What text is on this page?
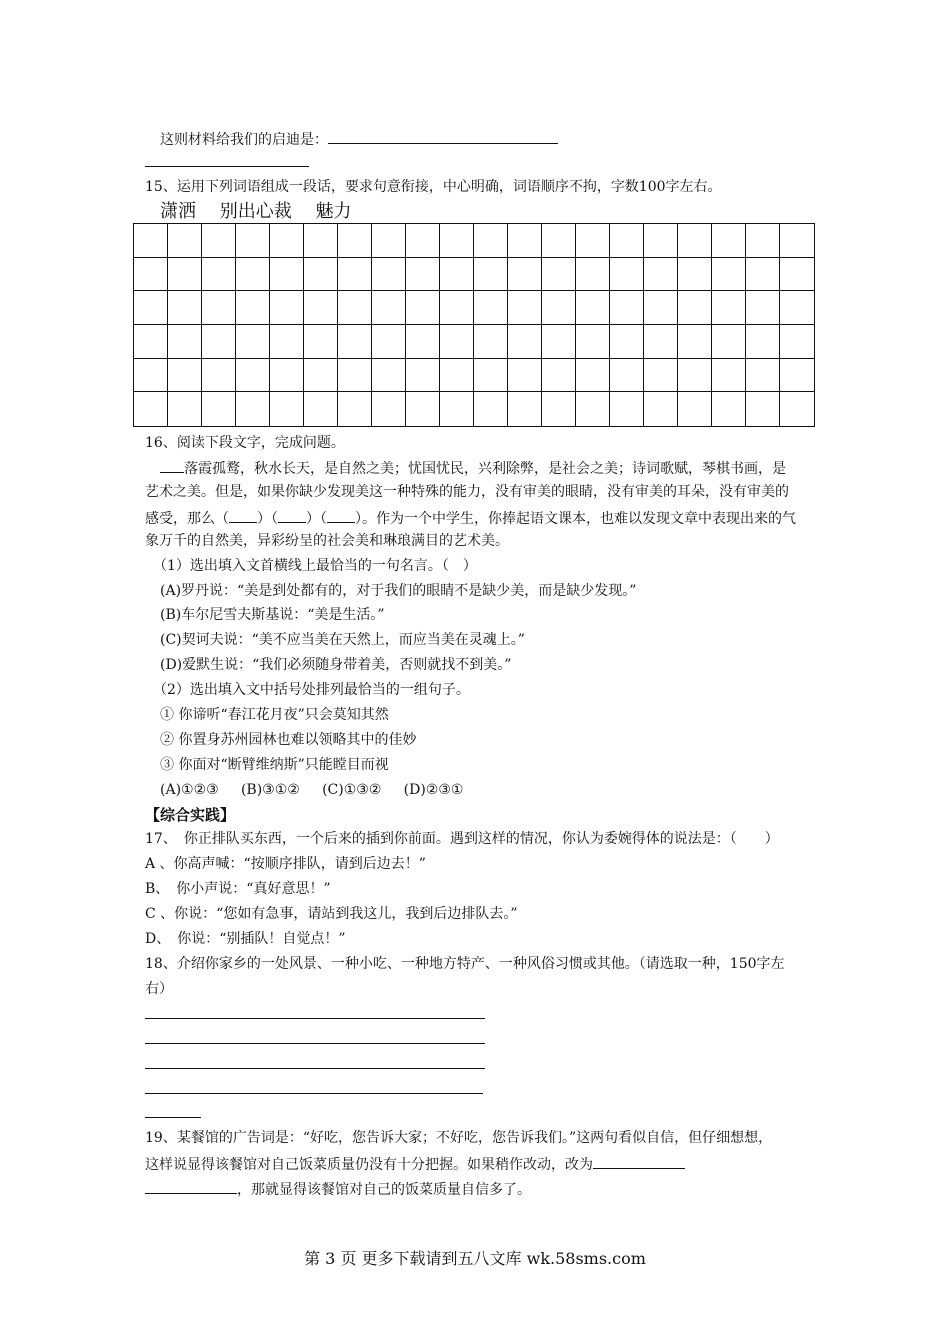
这则材料给我们的启迪是：
15、运用下列词语组成一段话，要求句意衔接，中心明确，词语顺序不拘，字数100字左右。
潇洒 别出心裁 魅力
16、阅读下段文字，完成问题。
落霞孤鹜，秋水长天，是自然之美；忧国忧民，兴利除弊，是社会之美；诗词歌赋，琴棋书画，是
艺术之美。但是，如果你缺少发现美这一种特殊的能力，没有审美的眼睛，没有审美的耳朵，没有审美的
感受，那么（ ）（ ）（ ）。作为一个中学生，你捧起语文课本，也难以发现文章中表现出来的气
象万千的自然美，异彩纷呈的社会美和琳琅满目的艺术美。
（1）选出填入文首横线上最恰当的一句名言。（　）
(A)罗丹说：“美是到处都有的，对于我们的眼睛不是缺少美，而是缺少发现。”
(B)车尔尼雪夫斯基说：“美是生活。”
(C)契诃夫说：“美不应当美在天然上，而应当美在灵魂上。”
(D)爱默生说：“我们必须随身带着美，否则就找不到美。”
（2）选出填入文中括号处排列最恰当的一组句子。
① 你谛听“春江花月夜”只会莫知其然
② 你置身苏州园林也难以领略其中的佳妙
③ 你面对“断臂维纳斯”只能瞠目而视
(A)①②③ (B)③①② (C)①③② (D)②③①
【综合实践】
17、　你正排队买东西，一个后来的插到你前面。遇到这样的情况，你认为委婉得体的说法是：（　　）
A 、你高声喊：“按顺序排队，请到后边去！”
B、　你小声说：“真好意思！”
C 、你说：“您如有急事，请站到我这儿，我到后边排队去。”
D、　你说：“别插队！自觉点！”
18、介绍你家乡的一处风景、一种小吃、一种地方特产、一种风俗习惯或其他。（请选取一种，150字左
右）
19、某餐馆的广告词是：“好吃，您告诉大家；不好吃，您告诉我们。”这两句看似自信，但仔细想想，
这样说显得该餐馆对自己饭菜质量仍没有十分把握。如果稍作改动，改为
，那就显得该餐馆对自己的饭菜质量自信多了。
第 3 页 更多下载请到五八文库 wk.58sms.com
